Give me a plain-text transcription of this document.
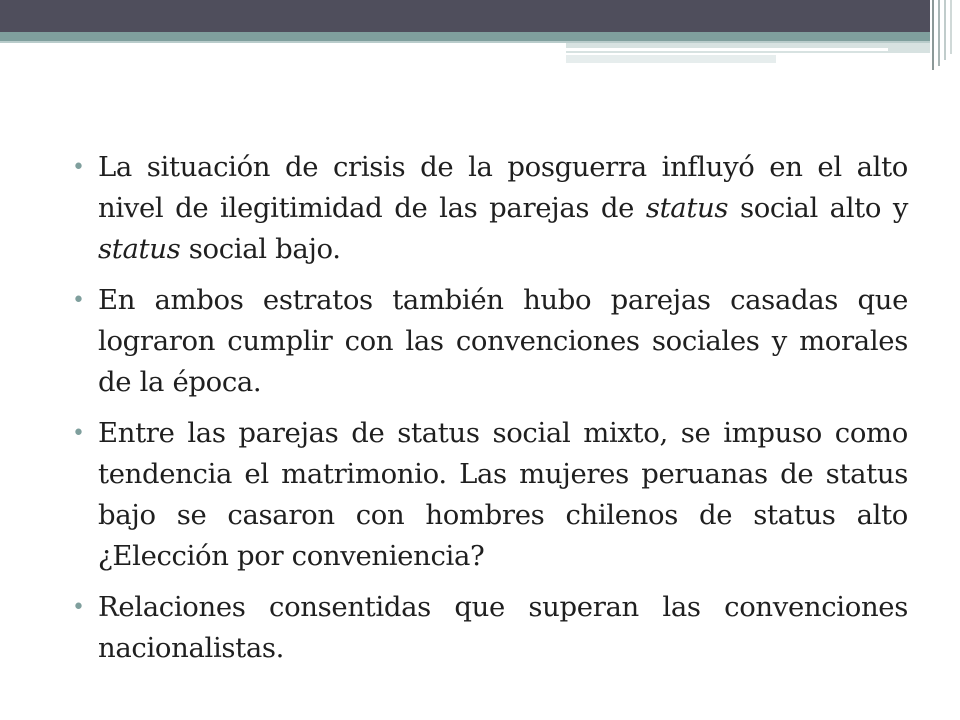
• La situación de crisis de la posguerra influyó en el alto nivel de ilegitimidad de las parejas de status social alto y status social bajo.
• En ambos estratos también hubo parejas casadas que lograron cumplir con las convenciones sociales y morales de la época.
• Entre las parejas de status social mixto, se impuso como tendencia el matrimonio. Las mujeres peruanas de status bajo se casaron con hombres chilenos de status alto ¿Elección por conveniencia?
• Relaciones consentidas que superan las convenciones nacionalistas.
